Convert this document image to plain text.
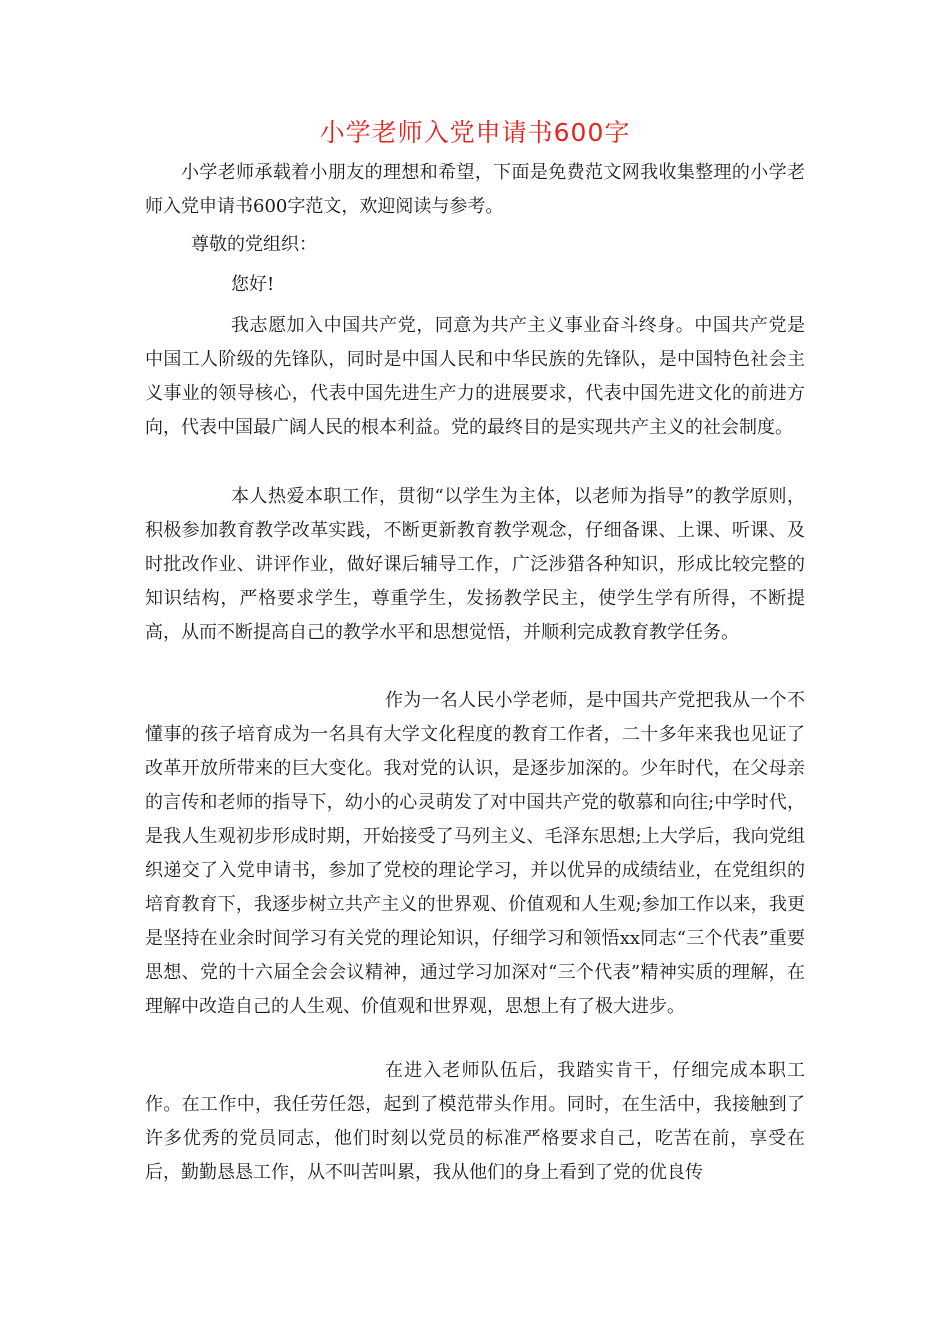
小学老师入党申请书600字

小学老师承载着小朋友的理想和希望，下面是免费范文网我收集整理的小学老师入党申请书600字范文，欢迎阅读与参考。

尊敬的党组织：

您好!

我志愿加入中国共产党，同意为共产主义事业奋斗终身。中国共产党是中国工人阶级的先锋队，同时是中国人民和中华民族的先锋队，是中国特色社会主义事业的领导核心，代表中国先进生产力的进展要求，代表中国先进文化的前进方向，代表中国最广阔人民的根本利益。党的最终目的是实现共产主义的社会制度。

本人热爱本职工作，贯彻“以学生为主体，以老师为指导”的教学原则，积极参加教育教学改革实践，不断更新教育教学观念，仔细备课、上课、听课、及时批改作业、讲评作业，做好课后辅导工作，广泛涉猎各种知识，形成比较完整的知识结构，严格要求学生，尊重学生，发扬教学民主，使学生学有所得，不断提高，从而不断提高自己的教学水平和思想觉悟，并顺利完成教育教学任务。

作为一名人民小学老师，是中国共产党把我从一个不懂事的孩子培育成为一名具有大学文化程度的教育工作者，二十多年来我也见证了改革开放所带来的巨大变化。我对党的认识，是逐步加深的。少年时代，在父母亲的言传和老师的指导下，幼小的心灵萌发了对中国共产党的敬慕和向往;中学时代，是我人生观初步形成时期，开始接受了马列主义、毛泽东思想;上大学后，我向党组织递交了入党申请书，参加了党校的理论学习，并以优异的成绩结业，在党组织的培育教育下，我逐步树立共产主义的世界观、价值观和人生观;参加工作以来，我更是坚持在业余时间学习有关党的理论知识，仔细学习和领悟xx同志“三个代表”重要思想、党的十六届全会会议精神，通过学习加深对“三个代表”精神实质的理解，在理解中改造自己的人生观、价值观和世界观，思想上有了极大进步。

在进入老师队伍后，我踏实肯干，仔细完成本职工作。在工作中，我任劳任怨，起到了模范带头作用。同时，在生活中，我接触到了许多优秀的党员同志，他们时刻以党员的标准严格要求自己，吃苦在前，享受在后，勤勤恳恳工作，从不叫苦叫累，我从他们的身上看到了党的优良传
